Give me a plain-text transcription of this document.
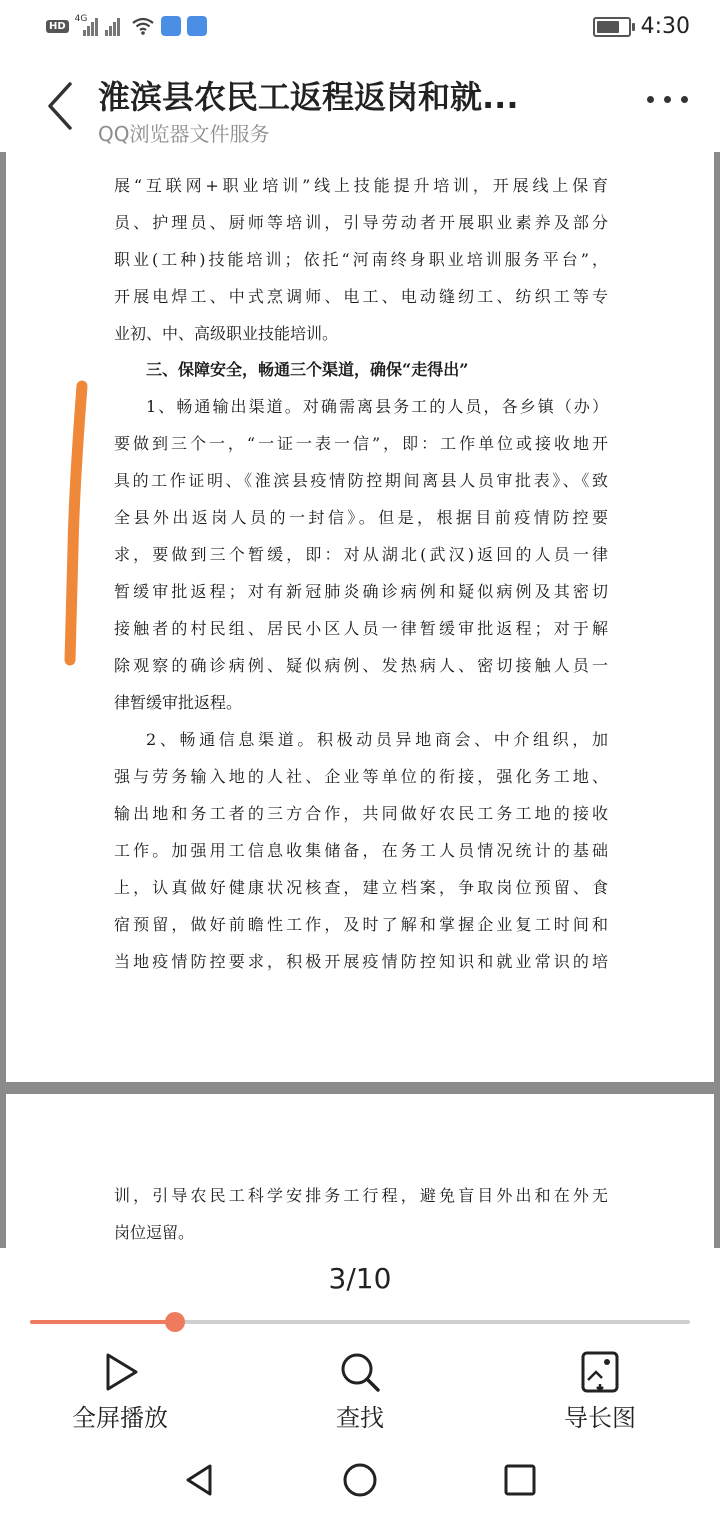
HD
4G	4:30
淮滨县农民工返程返岗和就...
QQ浏览器文件服务

展“互联网+职业培训”线上技能提升培训，开展线上保育

员、护理员、厨师等培训，引导劳动者开展职业素养及部分

职业(工种)技能培训；依托“河南终身职业培训服务平台”，

开展电焊工、中式烹调师、电工、电动缝纫工、纺织工等专

业初、中、高级职业技能培训。

三、保障安全，畅通三个渠道，确保“走得出”

1、畅通输出渠道。对确需离县务工的人员，各乡镇（办）

要做到三个一，“一证一表一信”，即：工作单位或接收地开

具的工作证明、《淮滨县疫情防控期间离县人员审批表》、《致

全县外出返岗人员的一封信》。但是，根据目前疫情防控要

求，要做到三个暂缓，即：对从湖北(武汉)返回的人员一律

暂缓审批返程；对有新冠肺炎确诊病例和疑似病例及其密切

接触者的村民组、居民小区人员一律暂缓审批返程；对于解

除观察的确诊病例、疑似病例、发热病人、密切接触人员一

律暂缓审批返程。

2、畅通信息渠道。积极动员异地商会、中介组织，加

强与劳务输入地的人社、企业等单位的衔接，强化务工地、

输出地和务工者的三方合作，共同做好农民工务工地的接收

工作。加强用工信息收集储备，在务工人员情况统计的基础

上，认真做好健康状况核查，建立档案，争取岗位预留、食

宿预留，做好前瞻性工作，及时了解和掌握企业复工时间和

当地疫情防控要求，积极开展疫情防控知识和就业常识的培

训，引导农民工科学安排务工行程，避免盲目外出和在外无

岗位逗留。

3/10
全屏播放	查找	导长图
